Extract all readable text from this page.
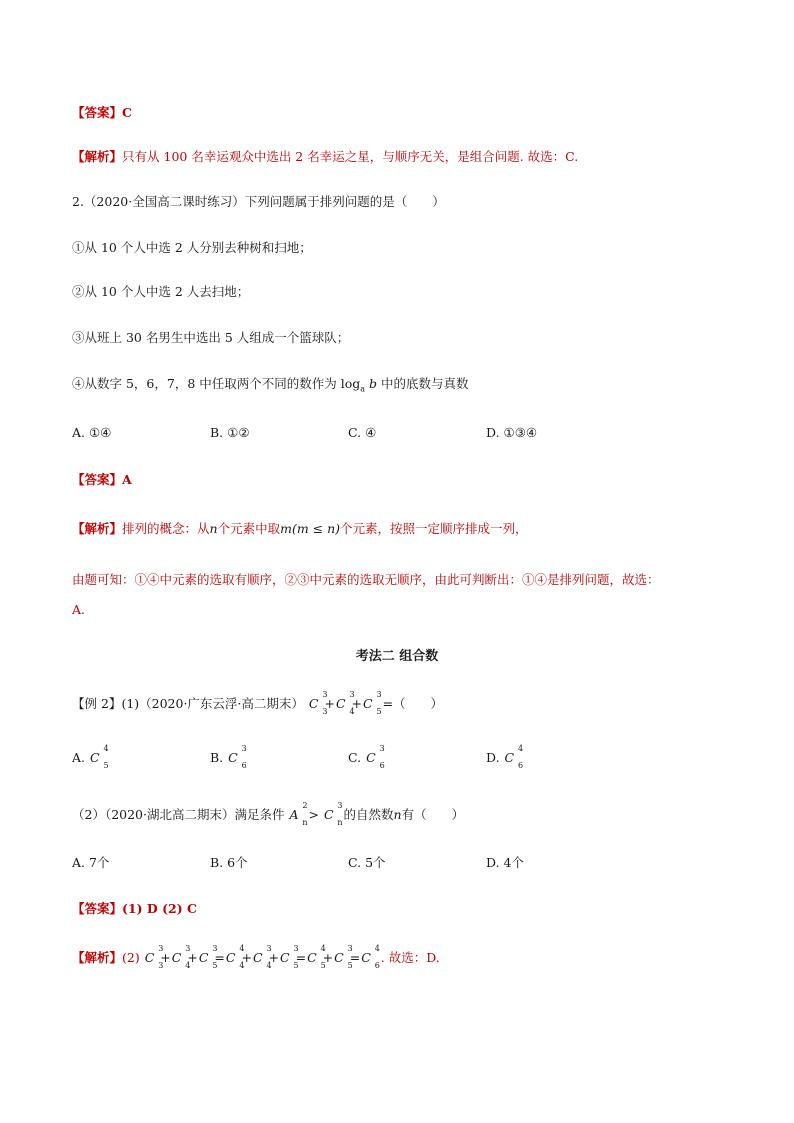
【答案】C
【解析】只有从 100 名幸运观众中选出 2 名幸运之星，与顺序无关，是组合问题. 故选：C.
2.（2020·全国高二课时练习）下列问题属于排列问题的是（　　）
①从 10 个人中选 2 人分别去种树和扫地；
②从 10 个人中选 2 人去扫地；
③从班上 30 名男生中选出 5 人组成一个篮球队；
④从数字 5，6，7，8 中任取两个不同的数作为 $\log_a b$ 中的底数与真数
A. ①④	B. ①②	C. ④	D. ①③④
【答案】A
【解析】排列的概念：从n个元素中取m(m ≤ n)个元素，按照一定顺序排成一列，
由题可知：①④中元素的选取有顺序，②③中元素的选取无顺序，由此可判断出：①④是排列问题，故选：
A.
考法二 组合数
【例 2】(1)（2020·广东云浮·高二期末） C
3
3
+C
3
4
+C
3
5
=（　　）
A. C
4
5
B. C
3
6
C. C
3
6
D. C
4
6
（2）（2020·湖北高二期末）满足条件 A
2
n
> C
3
n
的自然数n有（　　）
A. 7个	B. 6个	C. 5个	D. 4个
【答案】(1) D (2) C
【解析】(2) C
3
3
+C
3
4
+C
3
5
=C
4
4
+C
3
4
+C
3
5
=C
4
5
+C
3
5
=C
4
6
. 故选：D.
